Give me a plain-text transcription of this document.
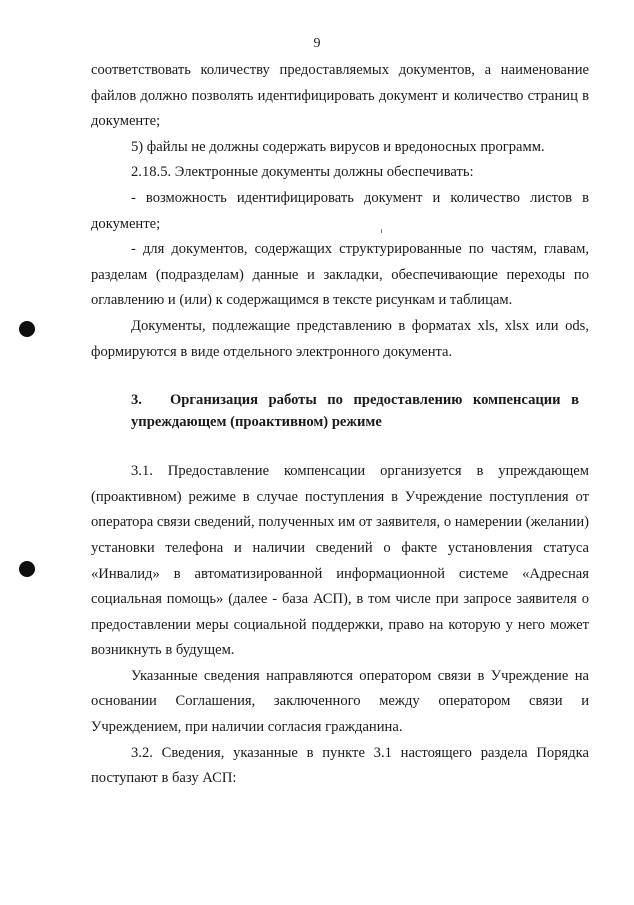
9

соответствовать количеству предоставляемых документов, а наименование файлов должно позволять идентифицировать документ и количество страниц в документе;

5) файлы не должны содержать вирусов и вредоносных программ.

2.18.5. Электронные документы должны обеспечивать:

- возможность идентифицировать документ и количество листов в документе;

- для документов, содержащих структурированные по частям, главам, разделам (подразделам) данные и закладки, обеспечивающие переходы по оглавлению и (или) к содержащимся в тексте рисункам и таблицам.

Документы, подлежащие представлению в форматах xls, xlsx или ods, формируются в виде отдельного электронного документа.

3. Организация работы по предоставлению компенсации в упреждающем (проактивном) режиме

3.1. Предоставление компенсации организуется в упреждающем (проактивном) режиме в случае поступления в Учреждение поступления от оператора связи сведений, полученных им от заявителя, о намерении (желании) установки телефона и наличии сведений о факте установления статуса «Инвалид» в автоматизированной информационной системе «Адресная социальная помощь» (далее - база АСП), в том числе при запросе заявителя о предоставлении меры социальной поддержки, право на которую у него может возникнуть в будущем.

Указанные сведения направляются оператором связи в Учреждение на основании Соглашения, заключенного между оператором связи и Учреждением, при наличии согласия гражданина.

3.2. Сведения, указанные в пункте 3.1 настоящего раздела Порядка поступают в базу АСП:
